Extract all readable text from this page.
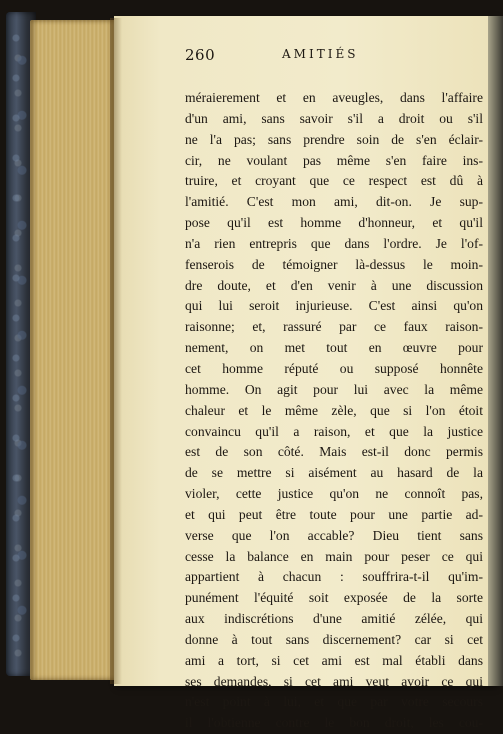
260	AMITIÉS
méraierement et en aveugles, dans l'affaire
d'un ami, sans savoir s'il a droit ou s'il
ne l'a pas; sans prendre soin de s'en éclair-
cir, ne voulant pas même s'en faire ins-
truire, et croyant que ce respect est dû à
l'amitié. C'est mon ami, dit-on. Je sup-
pose qu'il est homme d'honneur, et qu'il
n'a rien entrepris que dans l'ordre. Je l'of-
fenserois de témoigner là-dessus le moin-
dre doute, et d'en venir à une discussion
qui lui seroit injurieuse. C'est ainsi qu'on
raisonne; et, rassuré par ce faux raison-
nement, on met tout en œuvre pour
cet homme réputé ou supposé honnête
homme. On agit pour lui avec la même
chaleur et le même zèle, que si l'on étoit
convaincu qu'il a raison, et que la justice
est de son côté. Mais est-il donc permis
de se mettre si aisément au hasard de la
violer, cette justice qu'on ne connoît pas,
et qui peut être toute pour une partie ad-
verse que l'on accable? Dieu tient sans
cesse la balance en main pour peser ce qui
appartient à chacun : souffrira-t-il qu'im-
punément l'équité soit exposée de la sorte
aux indiscrétions d'une amitié zélée, qui
donne à tout sans discernement? car si cet
ami a tort, si cet ami est mal établi dans
ses demandes, si cet ami veut avoir ce qui
n'est point à lui, et que par votre secours
il l'obtienne contre le bon droit, les cou-
